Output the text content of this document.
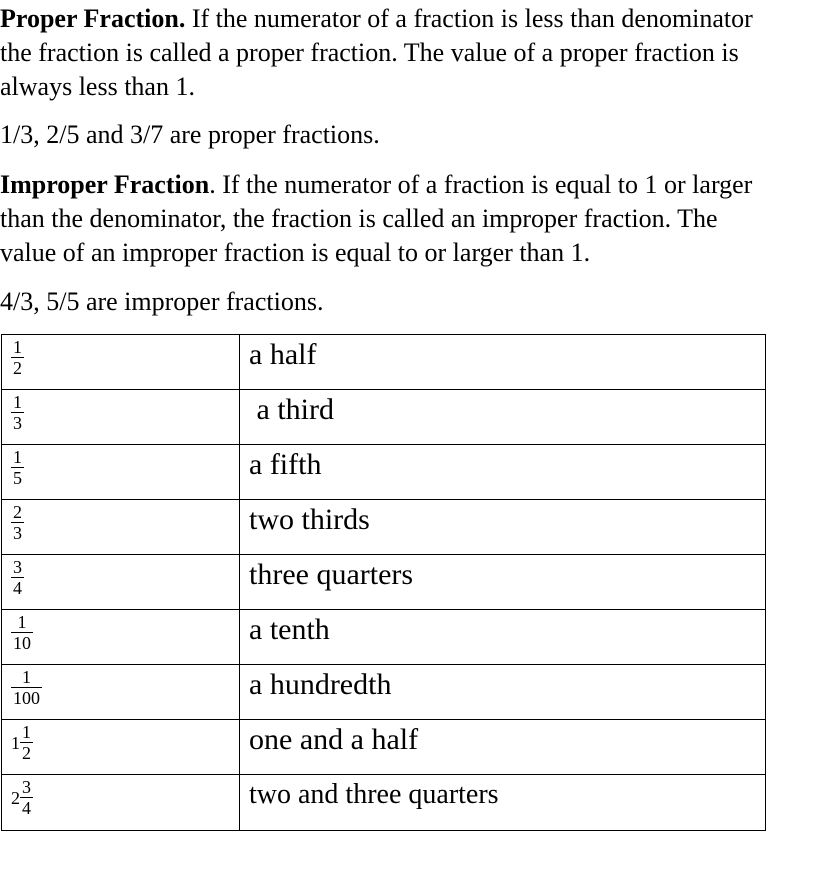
Proper Fraction. If the numerator of a fraction is less than denominator
the fraction is called a proper fraction. The value of a proper fraction is
always less than 1.

1/3, 2/5 and 3/7 are proper fractions.

Improper Fraction. If the numerator of a fraction is equal to 1 or larger
than the denominator, the fraction is called an improper fraction. The
value of an improper fraction is equal to or larger than 1.

4/3, 5/5 are improper fractions.

$\frac{1}{2}$	a half

$\frac{1}{3}$	a third

$\frac{1}{5}$	a fifth

$\frac{2}{3}$	two thirds

$\frac{3}{4}$	three quarters

$\frac{1}{10}$	a tenth

$\frac{1}{100}$	a hundredth
$1 \frac{1}{2}$	one and a half
$2 \frac{3}{4}$	two and three quarters
